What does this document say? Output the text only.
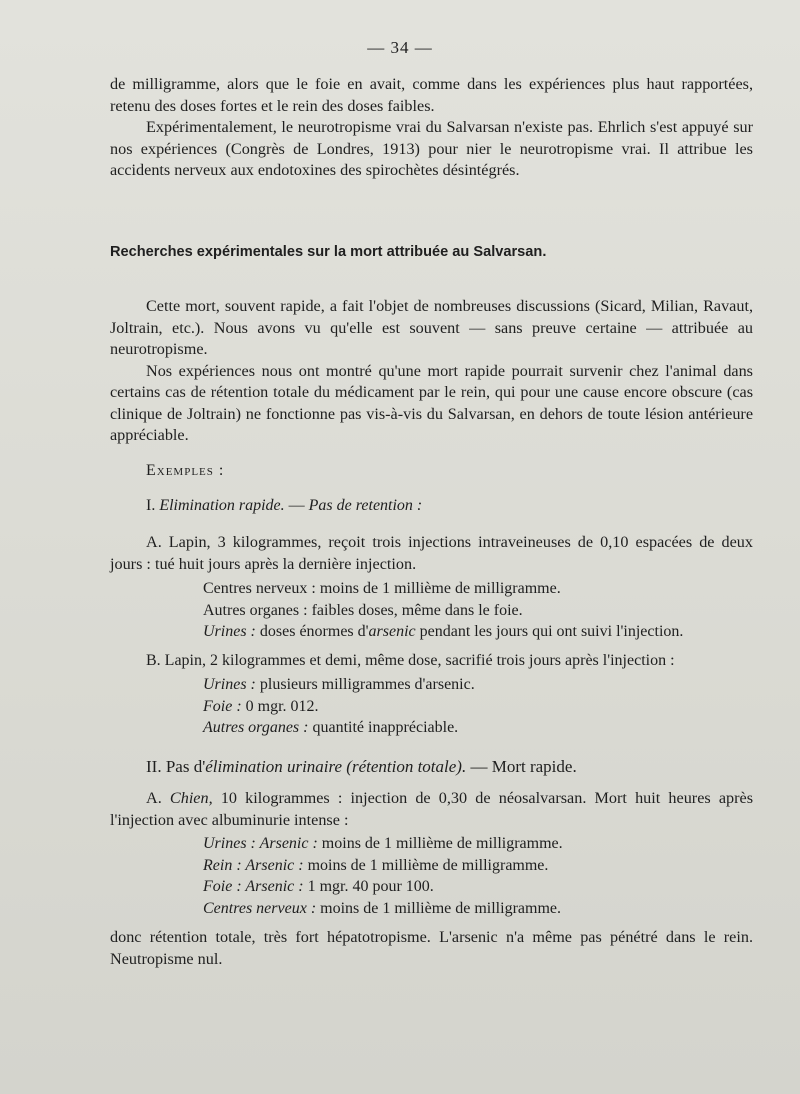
— 34 —

de milligramme, alors que le foie en avait, comme dans les expériences plus haut rapportées, retenu des doses fortes et le rein des doses faibles.

Expérimentalement, le neurotropisme vrai du Salvarsan n'existe pas. Ehrlich s'est appuyé sur nos expériences (Congrès de Londres, 1913) pour nier le neurotropisme vrai. Il attribue les accidents nerveux aux endotoxines des spirochètes désintégrés.

Recherches expérimentales sur la mort attribuée au Salvarsan.

Cette mort, souvent rapide, a fait l'objet de nombreuses discussions (Sicard, Milian, Ravaut, Joltrain, etc.). Nous avons vu qu'elle est souvent — sans preuve certaine — attribuée au neurotropisme.

Nos expériences nous ont montré qu'une mort rapide pourrait survenir chez l'animal dans certains cas de rétention totale du médicament par le rein, qui pour une cause encore obscure (cas clinique de Joltrain) ne fonctionne pas vis-à-vis du Salvarsan, en dehors de toute lésion antérieure appréciable.

Exemples :
I. Elimination rapide. — Pas de retention :

A. Lapin, 3 kilogrammes, reçoit trois injections intraveineuses de 0,10 espacées de deux jours : tué huit jours après la dernière injection.

Centres nerveux : moins de 1 millième de milligramme.
Autres organes : faibles doses, même dans le foie.
Urines : doses énormes d'arsenic pendant les jours qui ont suivi l'injection.
B. Lapin, 2 kilogrammes et demi, même dose, sacrifié trois jours après l'injection :
Urines : plusieurs milligrammes d'arsenic.
Foie : 0 mgr. 012.
Autres organes : quantité inappréciable.
II. Pas d'élimination urinaire (rétention totale). — Mort rapide.

A. Chien, 10 kilogrammes : injection de 0,30 de néosalvarsan. Mort huit heures après l'injection avec albuminurie intense :

Urines : Arsenic : moins de 1 millième de milligramme.
Rein : Arsenic : moins de 1 millième de milligramme.
Foie : Arsenic : 1 mgr. 40 pour 100.
Centres nerveux : moins de 1 millième de milligramme.

donc rétention totale, très fort hépatotropisme. L'arsenic n'a même pas pénétré dans le rein. Neutropisme nul.
